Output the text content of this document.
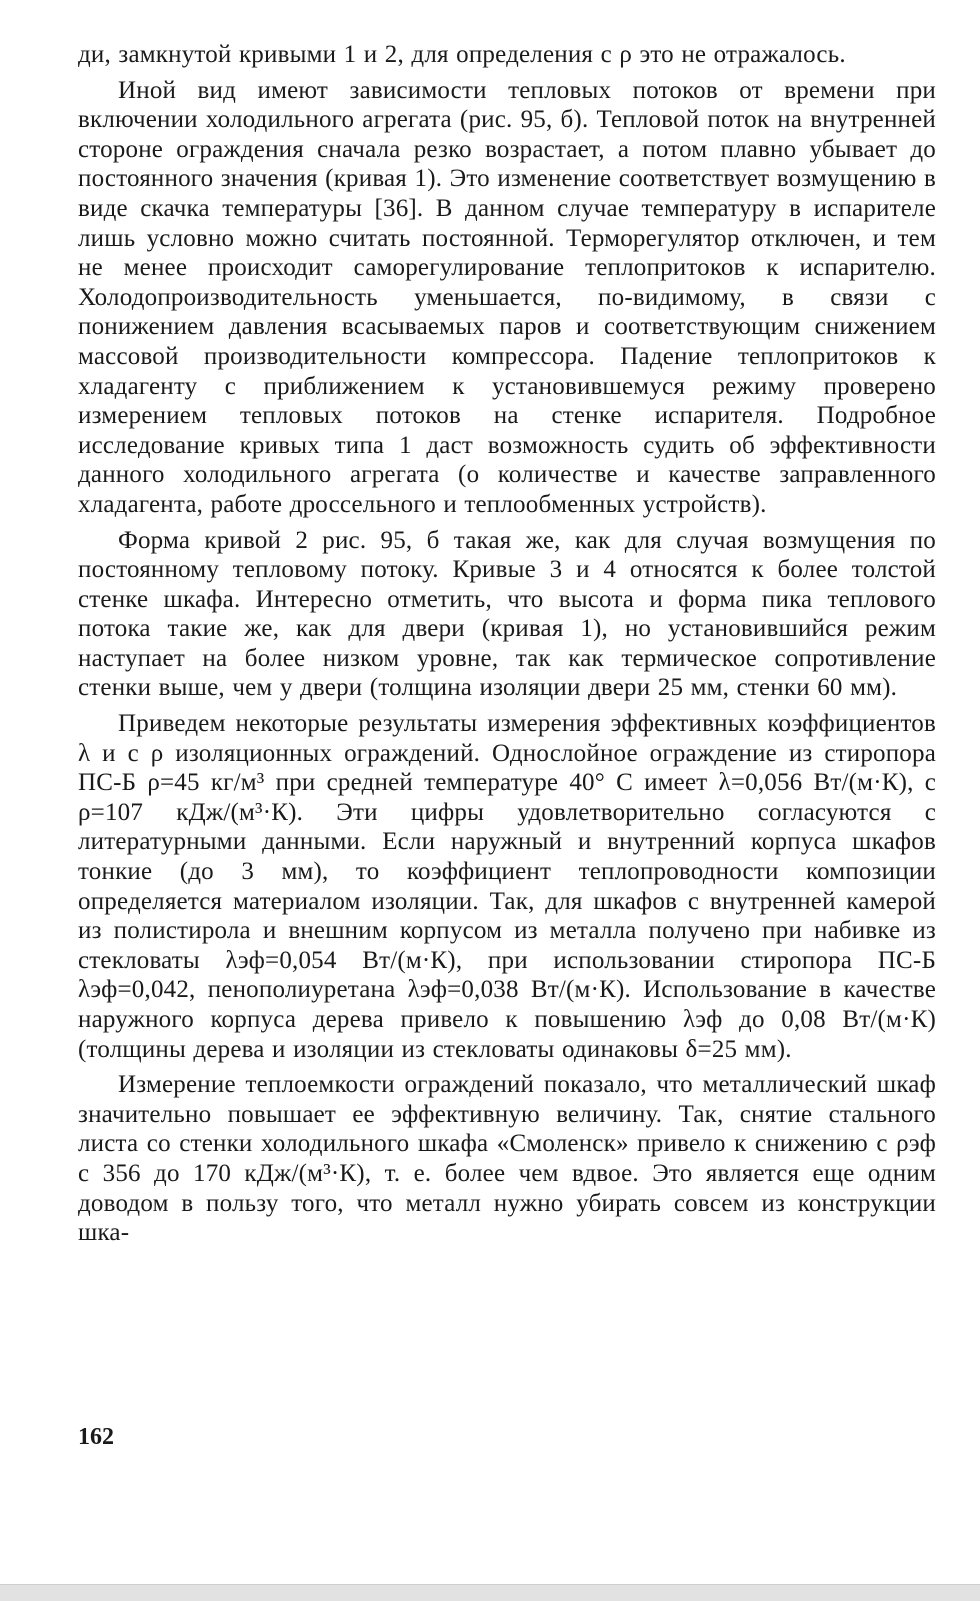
ди, замкнутой кривыми 1 и 2, для определения c ρ это не отражалось.

Иной вид имеют зависимости тепловых потоков от времени при включении холодильного агрегата (рис. 95, б). Тепловой поток на внутренней стороне ограждения сначала резко возрастает, а потом плавно убывает до постоянного значения (кривая 1). Это изменение соответствует возмущению в виде скачка температуры [36]. В данном случае температуру в испарителе лишь условно можно считать постоянной. Терморегулятор отключен, и тем не менее происходит саморегулирование теплопритоков к испарителю. Холодопроизводительность уменьшается, по-видимому, в связи с понижением давления всасываемых паров и соответствующим снижением массовой производительности компрессора. Падение теплопритоков к хладагенту с приближением к установившемуся режиму проверено измерением тепловых потоков на стенке испарителя. Подробное исследование кривых типа 1 даст возможность судить об эффективности данного холодильного агрегата (о количестве и качестве заправленного хладагента, работе дроссельного и теплообменных устройств).

Форма кривой 2 рис. 95, б такая же, как для случая возмущения по постоянному тепловому потоку. Кривые 3 и 4 относятся к более толстой стенке шкафа. Интересно отметить, что высота и форма пика теплового потока такие же, как для двери (кривая 1), но установившийся режим наступает на более низком уровне, так как термическое сопротивление стенки выше, чем у двери (толщина изоляции двери 25 мм, стенки 60 мм).

Приведем некоторые результаты измерения эффективных коэффициентов λ и c ρ изоляционных ограждений. Однослойное ограждение из стиропора ПС-Б ρ=45 кг/м³ при средней температуре 40° С имеет λ=0,056 Вт/(м·К), c ρ=107 кДж/(м³·К). Эти цифры удовлетворительно согласуются с литературными данными. Если наружный и внутренний корпуса шкафов тонкие (до 3 мм), то коэффициент теплопроводности композиции определяется материалом изоляции. Так, для шкафов с внутренней камерой из полистирола и внешним корпусом из металла получено при набивке из стекловаты λэф=0,054 Вт/(м·К), при использовании стиропора ПС-Б λэф=0,042, пенополиуретана λэф=0,038 Вт/(м·К). Использование в качестве наружного корпуса дерева привело к повышению λэф до 0,08 Вт/(м·К) (толщины дерева и изоляции из стекловаты одинаковы δ=25 мм).

Измерение теплоемкости ограждений показало, что металлический шкаф значительно повышает ее эффективную величину. Так, снятие стального листа со стенки холодильного шкафа «Смоленск» привело к снижению c ρэф с 356 до 170 кДж/(м³·К), т. е. более чем вдвое. Это является еще одним доводом в пользу того, что металл нужно убирать совсем из конструкции шка-

162
